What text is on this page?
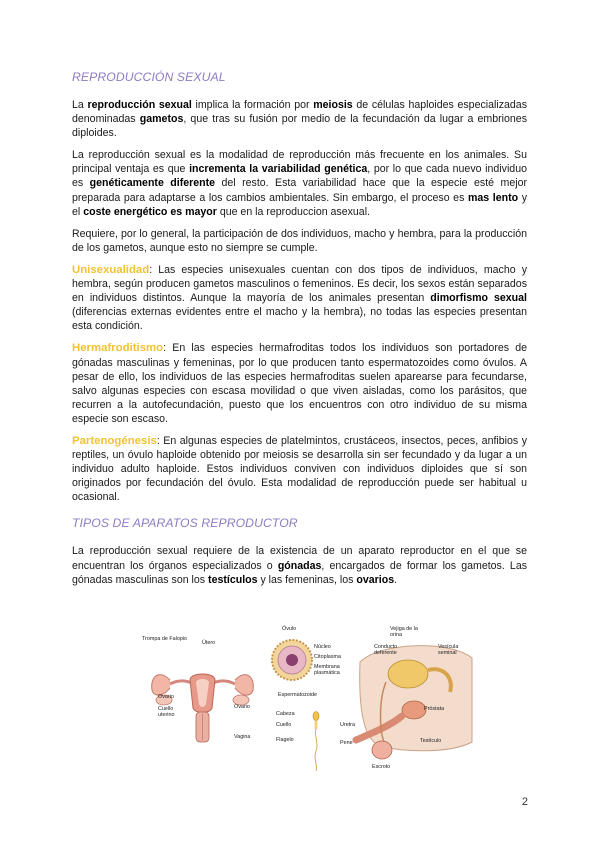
REPRODUCCIÓN SEXUAL

La reproducción sexual implica la formación por meiosis de células haploides especializadas denominadas gametos, que tras su fusión por medio de la fecundación da lugar a embriones diploides.

La reproducción sexual es la modalidad de reproducción más frecuente en los animales. Su principal ventaja es que incrementa la variabilidad genética, por lo que cada nuevo individuo es genéticamente diferente del resto. Esta variabilidad hace que la especie esté mejor preparada para adaptarse a los cambios ambientales. Sin embargo, el proceso es mas lento y el coste energético es mayor que en la reproduccion asexual.

Requiere, por lo general, la participación de dos individuos, macho y hembra, para la producción de los gametos, aunque esto no siempre se cumple.

Unisexualidad: Las especies unisexuales cuentan con dos tipos de individuos, macho y hembra, según producen gametos masculinos o femeninos. Es decir, los sexos están separados en individuos distintos. Aunque la mayoría de los animales presentan dimorfismo sexual (diferencias externas evidentes entre el macho y la hembra), no todas las especies presentan esta condición.

Hermafroditismo: En las especies hermafroditas todos los individuos son portadores de gónadas masculinas y femeninas, por lo que producen tanto espermatozoides como óvulos. A pesar de ello, los individuos de las especies hermafroditas suelen aparearse para fecundarse, salvo algunas especies con escasa movilidad o que viven aisladas, como los parásitos, que recurren a la autofecundación, puesto que los encuentros con otro individuo de su misma especie son escaso.

Partenogénesis: En algunas especies de platelmintos, crustáceos, insectos, peces, anfibios y reptiles, un óvulo haploide obtenido por meiosis se desarrolla sin ser fecundado y da lugar a un individuo adulto haploide. Estos individuos conviven con individuos diploides que sí son originados por fecundación del óvulo. Esta modalidad de reproducción puede ser habitual u ocasional.

TIPOS DE APARATOS REPRODUCTOR

La reproducción sexual requiere de la existencia de un aparato reproductor en el que se encuentran los órganos especializados o gónadas, encargados de formar los gametos. Las gónadas masculinas son los testículos y las femeninas, los ovarios.

Trompa de Falopio
Útero
Ovario
Cuello uterino
Ovario
Vagina
Óvulo
Núcleo
Citoplasma
Membrana plasmática
Espermatozoide
Cabeza
Cuello
Flagelo
Vejiga de la orina
Conducto deferente
Vesícula seminal
Próstata
Uretra
Pene
Escroto
Testículo
2
